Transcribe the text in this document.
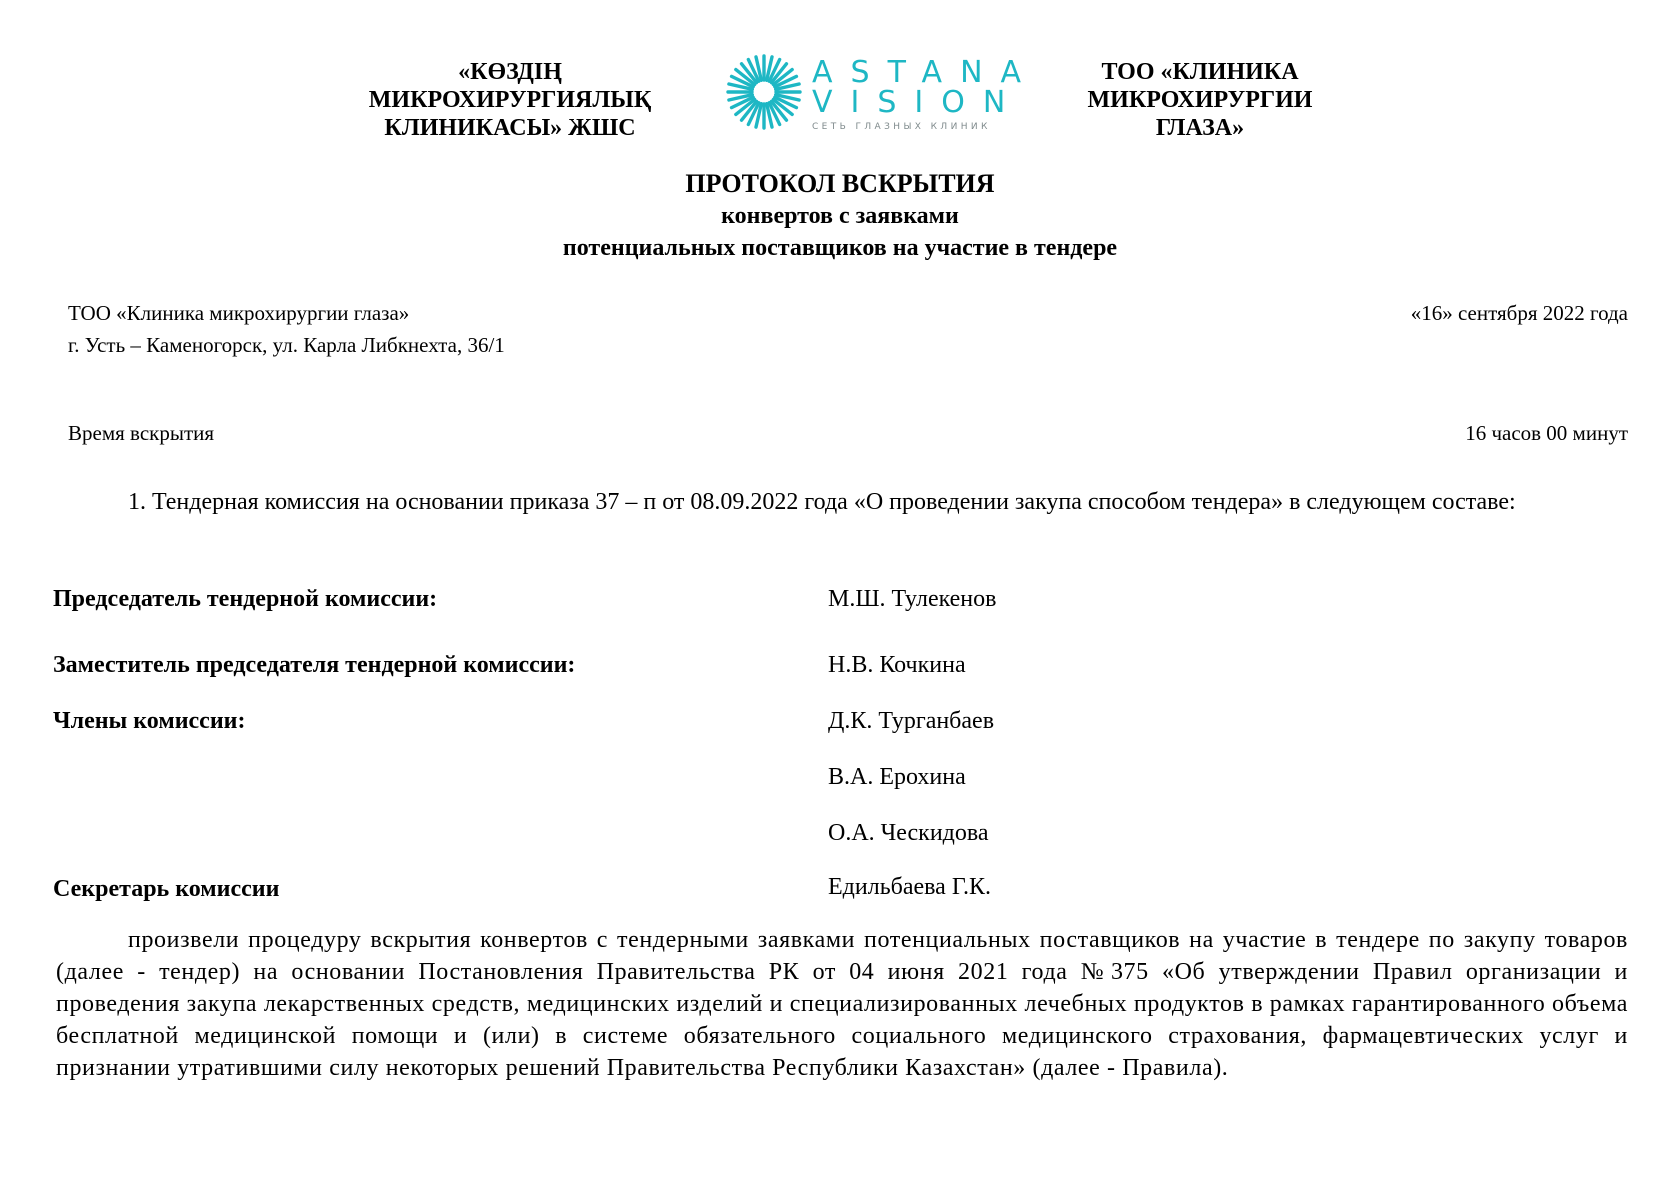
«КӨЗДІҢ
МИКРОХИРУРГИЯЛЫҚ
КЛИНИКАСЫ» ЖШС
ASTANA
VISION
СЕТЬ ГЛАЗНЫХ КЛИНИК
ТОО «КЛИНИКА
МИКРОХИРУРГИИ
ГЛАЗА»
ПРОТОКОЛ ВСКРЫТИЯ
конвертов с заявками
потенциальных поставщиков на участие в тендере
ТОО «Клиника микрохирургии глаза»
г. Усть – Каменогорск, ул. Карла Либкнехта, 36/1
«16» сентября 2022 года
Время вскрытия	16 часов 00 минут
1. Тендерная комиссия на основании приказа 37 – п от 08.09.2022 года «О проведении закупа способом тендера» в следующем составе:
Председатель тендерной комиссии:	М.Ш. Тулекенов
Заместитель председателя тендерной комиссии:	Н.В. Кочкина
Члены комиссии:	Д.К. Турганбаев
В.А. Ерохина
О.А. Ческидова
Секретарь комиссии	Едильбаева Г.К.
произвели процедуру вскрытия конвертов с тендерными заявками потенциальных поставщиков на участие в тендере по закупу товаров (далее - тендер) на основании Постановления Правительства РК от 04 июня 2021 года №375 «Об утверждении Правил организации и проведения закупа лекарственных средств, медицинских изделий и специализированных лечебных продуктов в рамках гарантированного объема бесплатной медицинской помощи и (или) в системе обязательного социального медицинского страхования, фармацевтических услуг и признании утратившими силу некоторых решений Правительства Республики Казахстан» (далее - Правила).
